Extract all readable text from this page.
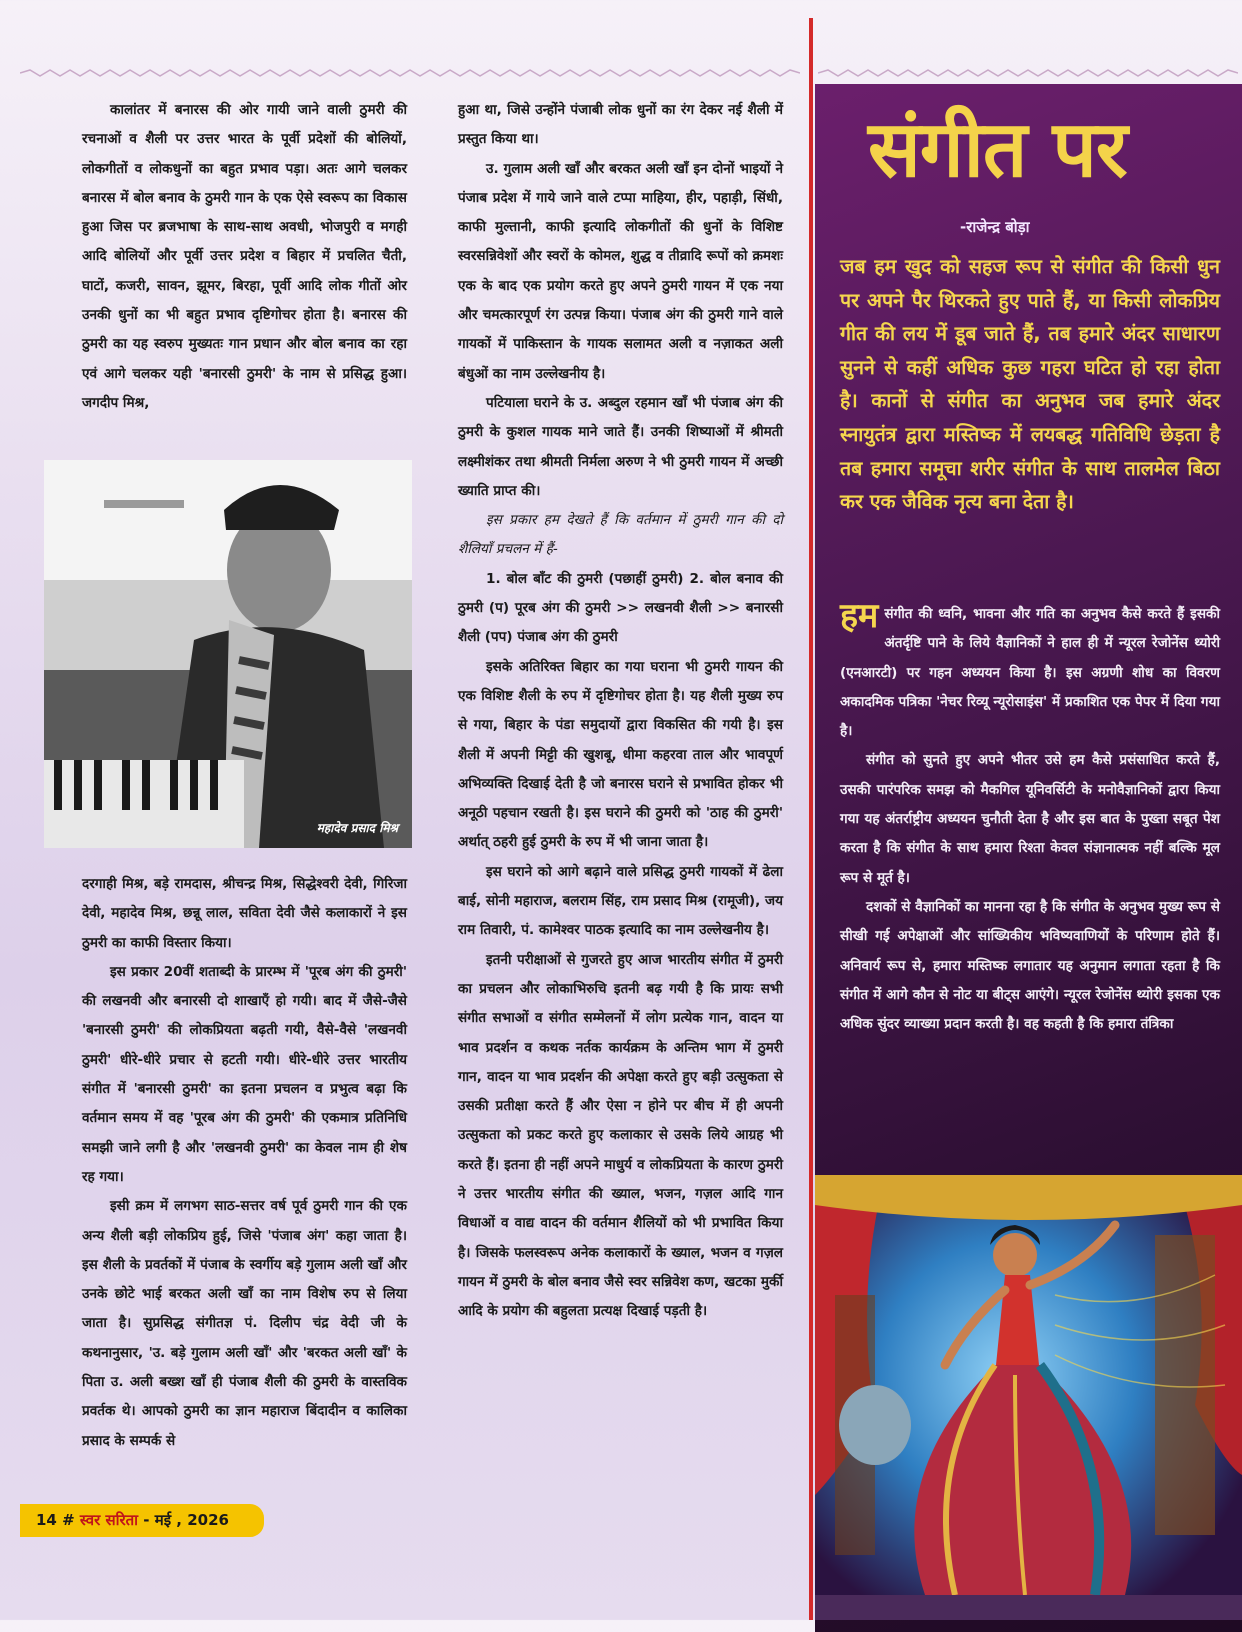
कालांतर में बनारस की ओर गायी जाने वाली ठुमरी की रचनाओं व शैली पर उत्तर भारत के पूर्वी प्रदेशों की बोलियों, लोकगीतों व लोकधुनों का बहुत प्रभाव पड़ा। अतः आगे चलकर बनारस में बोल बनाव के ठुमरी गान के एक ऐसे स्वरूप का विकास हुआ जिस पर ब्रजभाषा के साथ-साथ अवधी, भोजपुरी व मगही आदि बोलियों और पूर्वी उत्तर प्रदेश व बिहार में प्रचलित चैती, घाटों, कजरी, सावन, झूमर, बिरहा, पूर्वी आदि लोक गीतों ओर उनकी धुनों का भी बहुत प्रभाव दृष्टिगोचर होता है। बनारस की ठुमरी का यह स्वरुप मुख्यतः गान प्रधान और बोल बनाव का रहा एवं आगे चलकर यही 'बनारसी ठुमरी' के नाम से प्रसिद्ध हुआ। जगदीप मिश्र,

महादेव प्रसाद मिश्र

दरगाही मिश्र, बड़े रामदास, श्रीचन्द्र मिश्र, सिद्धेश्वरी देवी, गिरिजा देवी, महादेव मिश्र, छन्नू लाल, सविता देवी जैसे कलाकारों ने इस ठुमरी का काफी विस्तार किया।

इस प्रकार 20वीं शताब्दी के प्रारम्भ में 'पूरब अंग की ठुमरी' की लखनवी और बनारसी दो शाखाएँ हो गयी। बाद में जैसे-जैसे 'बनारसी ठुमरी' की लोकप्रियता बढ़ती गयी, वैसे-वैसे 'लखनवी ठुमरी' धीरे-धीरे प्रचार से हटती गयी। धीरे-धीरे उत्तर भारतीय संगीत में 'बनारसी ठुमरी' का इतना प्रचलन व प्रभुत्व बढ़ा कि वर्तमान समय में वह 'पूरब अंग की ठुमरी' की एकमात्र प्रतिनिधि समझी जाने लगी है और 'लखनवी ठुमरी' का केवल नाम ही शेष रह गया।

इसी क्रम में लगभग साठ-सत्तर वर्ष पूर्व ठुमरी गान की एक अन्य शैली बड़ी लोकप्रिय हुई, जिसे 'पंजाब अंग' कहा जाता है। इस शैली के प्रवर्तकों में पंजाब के स्वर्गीय बड़े गुलाम अली खाँ और उनके छोटे भाई बरकत अली खाँ का नाम विशेष रुप से लिया जाता है। सुप्रसिद्ध संगीतज्ञ पं. दिलीप चंद्र वेदी जी के कथनानुसार, 'उ. बड़े गुलाम अली खाँ' और 'बरकत अली खाँ' के पिता उ. अली बख्श खाँ ही पंजाब शैली की ठुमरी के वास्तविक प्रवर्तक थे। आपको ठुमरी का ज्ञान महाराज बिंदादीन व कालिका प्रसाद के सम्पर्क से

हुआ था, जिसे उन्होंने पंजाबी लोक धुनों का रंग देकर नई शैली में प्रस्तुत किया था।

उ. गुलाम अली खाँ और बरकत अली खाँ इन दोनों भाइयों ने पंजाब प्रदेश में गाये जाने वाले टप्पा माहिया, हीर, पहाड़ी, सिंधी, काफी मुल्तानी, काफी इत्यादि लोकगीतों की धुनों के विशिष्ट स्वरसन्निवेशों और स्वरों के कोमल, शुद्ध व तीव्रादि रूपों को क्रमशः एक के बाद एक प्रयोग करते हुए अपने ठुमरी गायन में एक नया और चमत्कारपूर्ण रंग उत्पन्न किया। पंजाब अंग की ठुमरी गाने वाले गायकों में पाकिस्तान के गायक सलामत अली व नज़ाकत अली बंधुओं का नाम उल्लेखनीय है।

पटियाला घराने के उ. अब्दुल रहमान खाँ भी पंजाब अंग की ठुमरी के कुशल गायक माने जाते हैं। उनकी शिष्याओं में श्रीमती लक्ष्मीशंकर तथा श्रीमती निर्मला अरुण ने भी ठुमरी गायन में अच्छी ख्याति प्राप्त की।

इस प्रकार हम देखते हैं कि वर्तमान में ठुमरी गान की दो शैलियाँ प्रचलन में हैं-

1. बोल बाँट की ठुमरी (पछाहीं ठुमरी) 2. बोल बनाव की ठुमरी (प) पूरब अंग की ठुमरी >> लखनवी शैली >> बनारसी शैली (पप) पंजाब अंग की ठुमरी

इसके अतिरिक्त बिहार का गया घराना भी ठुमरी गायन की एक विशिष्ट शैली के रुप में दृष्टिगोचर होता है। यह शैली मुख्य रुप से गया, बिहार के पंडा समुदायों द्वारा विकसित की गयी है। इस शैली में अपनी मिट्टी की खुशबू, धीमा कहरवा ताल और भावपूर्ण अभिव्यक्ति दिखाई देती है जो बनारस घराने से प्रभावित होकर भी अनूठी पहचान रखती है। इस घराने की ठुमरी को 'ठाह की ठुमरी' अर्थात् ठहरी हुई ठुमरी के रुप में भी जाना जाता है।

इस घराने को आगे बढ़ाने वाले प्रसिद्ध ठुमरी गायकों में ढेला बाई, सोनी महाराज, बलराम सिंह, राम प्रसाद मिश्र (रामूजी), जय राम तिवारी, पं. कामेश्वर पाठक इत्यादि का नाम उल्लेखनीय है।

इतनी परीक्षाओं से गुजरते हुए आज भारतीय संगीत में ठुमरी का प्रचलन और लोकाभिरुचि इतनी बढ़ गयी है कि प्रायः सभी संगीत सभाओं व संगीत सम्मेलनों में लोग प्रत्येक गान, वादन या भाव प्रदर्शन व कथक नर्तक कार्यक्रम के अन्तिम भाग में ठुमरी गान, वादन या भाव प्रदर्शन की अपेक्षा करते हुए बड़ी उत्सुकता से उसकी प्रतीक्षा करते हैं और ऐसा न होने पर बीच में ही अपनी उत्सुकता को प्रकट करते हुए कलाकार से उसके लिये आग्रह भी करते हैं। इतना ही नहीं अपने माधुर्य व लोकप्रियता के कारण ठुमरी ने उत्तर भारतीय संगीत की ख्याल, भजन, गज़ल आदि गान विधाओं व वाद्य वादन की वर्तमान शैलियों को भी प्रभावित किया है। जिसके फलस्वरूप अनेक कलाकारों के ख्याल, भजन व गज़ल गायन में ठुमरी के बोल बनाव जैसे स्वर सन्निवेश कण, खटका मुर्की आदि के प्रयोग की बहुलता प्रत्यक्ष दिखाई पड़ती है।

संगीत पर
-राजेन्द्र बोड़ा

जब हम खुद को सहज रूप से संगीत की किसी धुन पर अपने पैर थिरकते हुए पाते हैं, या किसी लोकप्रिय गीत की लय में डूब जाते हैं, तब हमारे अंदर साधारण सुनने से कहीं अधिक कुछ गहरा घटित हो रहा होता है। कानों से संगीत का अनुभव जब हमारे अंदर स्नायुतंत्र द्वारा मस्तिष्क में लयबद्ध गतिविधि छेड़ता है तब हमारा समूचा शरीर संगीत के साथ तालमेल बिठा कर एक जैविक नृत्य बना देता है।

हम संगीत की ध्वनि, भावना और गति का अनुभव कैसे करते हैं इसकी अंतर्दृष्टि पाने के लिये वैज्ञानिकों ने हाल ही में न्यूरल रेजोनेंस थ्योरी (एनआरटी) पर गहन अध्ययन किया है। इस अग्रणी शोध का विवरण अकादमिक पत्रिका 'नेचर रिव्यू न्यूरोसाइंस' में प्रकाशित एक पेपर में दिया गया है।

संगीत को सुनते हुए अपने भीतर उसे हम कैसे प्रसंसाधित करते हैं, उसकी पारंपरिक समझ को मैकगिल यूनिवर्सिटी के मनोवैज्ञानिकों द्वारा किया गया यह अंतर्राष्ट्रीय अध्ययन चुनौती देता है और इस बात के पुख्ता सबूत पेश करता है कि संगीत के साथ हमारा रिश्ता केवल संज्ञानात्मक नहीं बल्कि मूल रूप से मूर्त है।

दशकों से वैज्ञानिकों का मानना रहा है कि संगीत के अनुभव मुख्य रूप से सीखी गई अपेक्षाओं और सांख्यिकीय भविष्यवाणियों के परिणाम होते हैं। अनिवार्य रूप से, हमारा मस्तिष्क लगातार यह अनुमान लगाता रहता है कि संगीत में आगे कौन से नोट या बीट्स आएंगे। न्यूरल रेजोनेंस थ्योरी इसका एक अधिक सुंदर व्याख्या प्रदान करती है। वह कहती है कि हमारा तंत्रिका

14 # स्वर सरिता - मई , 2026
